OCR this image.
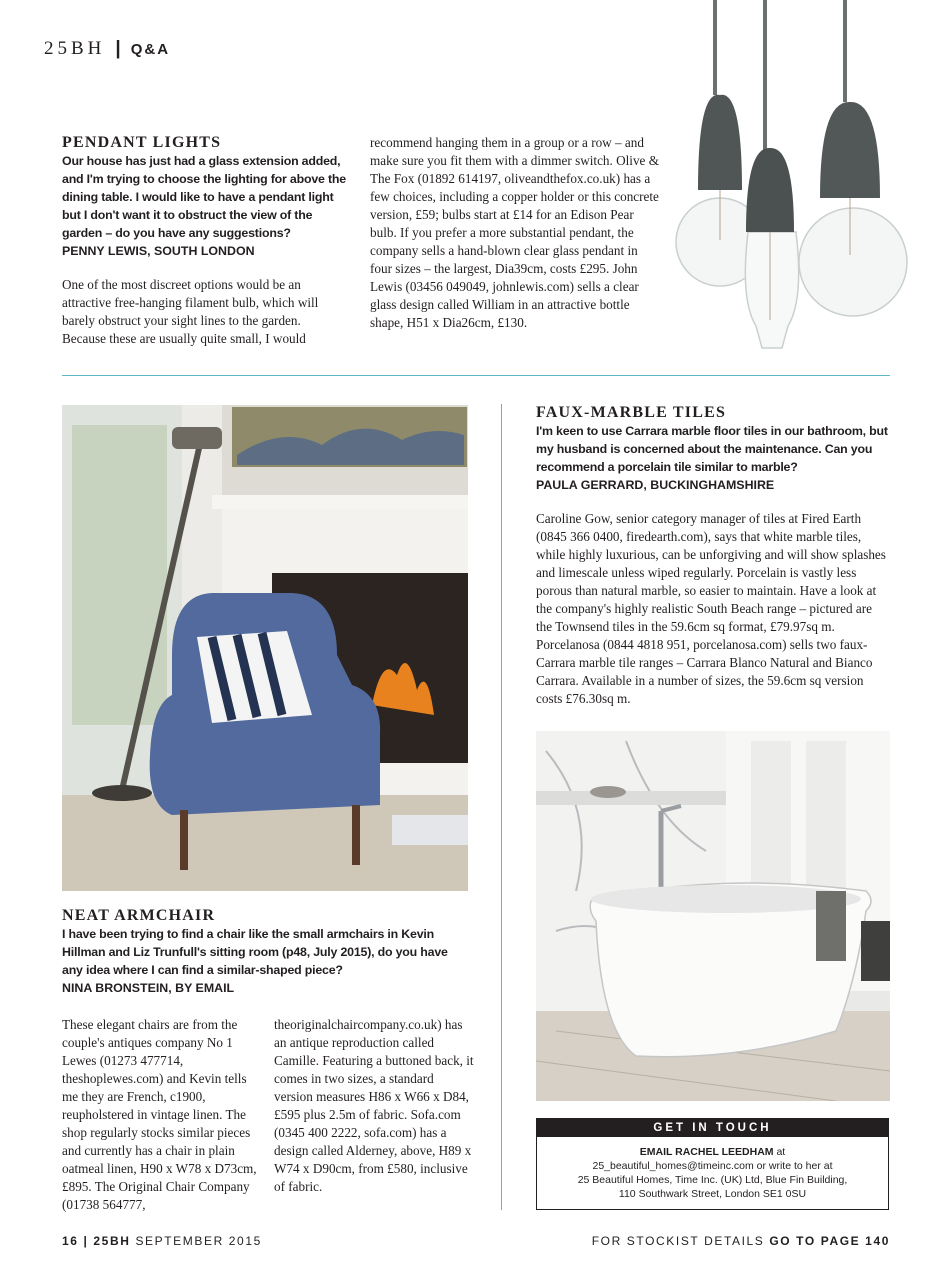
25BH | Q&A
PENDANT LIGHTS

Our house has just had a glass extension added, and I'm trying to choose the lighting for above the dining table. I would like to have a pendant light but I don't want it to obstruct the view of the garden – do you have any suggestions?

PENNY LEWIS, SOUTH LONDON

One of the most discreet options would be an attractive free-hanging filament bulb, which will barely obstruct your sight lines to the garden. Because these are usually quite small, I would

recommend hanging them in a group or a row – and make sure you fit them with a dimmer switch. Olive & The Fox (01892 614197, oliveandthefox.co.uk) has a few choices, including a copper holder or this concrete version, £59; bulbs start at £14 for an Edison Pear bulb. If you prefer a more substantial pendant, the company sells a hand-blown clear glass pendant in four sizes – the largest, Dia39cm, costs £295. John Lewis (03456 049049, johnlewis.com) sells a clear glass design called William in an attractive bottle shape, H51 x Dia26cm, £130.

FAUX-MARBLE TILES

I'm keen to use Carrara marble floor tiles in our bathroom, but my husband is concerned about the maintenance. Can you recommend a porcelain tile similar to marble?

PAULA GERRARD, BUCKINGHAMSHIRE

Caroline Gow, senior category manager of tiles at Fired Earth (0845 366 0400, firedearth.com), says that white marble tiles, while highly luxurious, can be unforgiving and will show splashes and limescale unless wiped regularly. Porcelain is vastly less porous than natural marble, so easier to maintain. Have a look at the company's highly realistic South Beach range – pictured are the Townsend tiles in the 59.6cm sq format, £79.97sq m. Porcelanosa (0844 4818 951, porcelanosa.com) sells two faux-Carrara marble tile ranges – Carrara Blanco Natural and Bianco Carrara. Available in a number of sizes, the 59.6cm sq version costs £76.30sq m.

NEAT ARMCHAIR

I have been trying to find a chair like the small armchairs in Kevin Hillman and Liz Trunfull's sitting room (p48, July 2015), do you have any idea where I can find a similar-shaped piece?

NINA BRONSTEIN, BY EMAIL

These elegant chairs are from the couple's antiques company No 1 Lewes (01273 477714, theshoplewes.com) and Kevin tells me they are French, c1900, reupholstered in vintage linen. The shop regularly stocks similar pieces and currently has a chair in plain oatmeal linen, H90 x W78 x D73cm, £895. The Original Chair Company (01738 564777,

theoriginalchaircompany.co.uk) has an antique reproduction called Camille. Featuring a buttoned back, it comes in two sizes, a standard version measures H86 x W66 x D84, £595 plus 2.5m of fabric. Sofa.com (0345 400 2222, sofa.com) has a design called Alderney, above, H89 x W74 x D90cm, from £580, inclusive of fabric.

GET IN TOUCH
EMAIL RACHEL LEEDHAM at
25_beautiful_homes@timeinc.com or write to her at
25 Beautiful Homes, Time Inc. (UK) Ltd, Blue Fin Building,
110 Southwark Street, London SE1 0SU
16 | 25BH SEPTEMBER 2015	FOR STOCKIST DETAILS GO TO PAGE 140
